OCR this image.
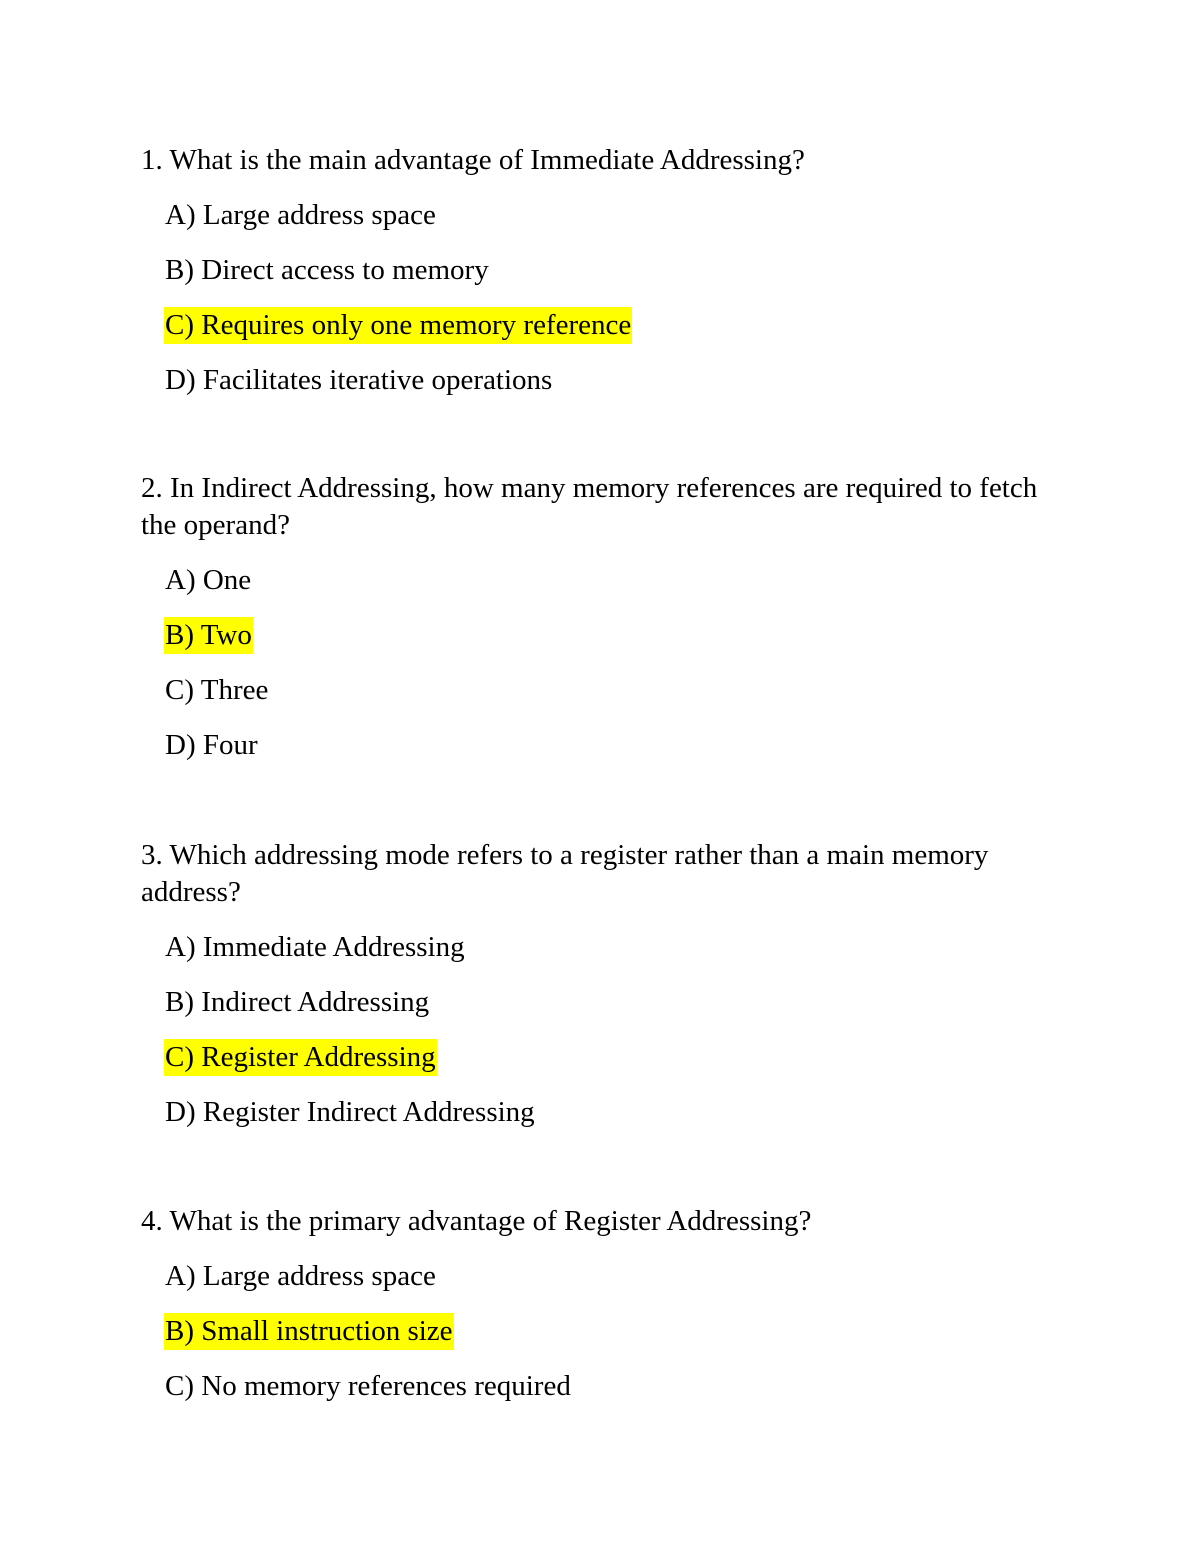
1. What is the main advantage of Immediate Addressing?

A) Large address space
B) Direct access to memory
C) Requires only one memory reference
D) Facilitates iterative operations

2. In Indirect Addressing, how many memory references are required to fetch the operand?

A) One
B) Two
C) Three
D) Four

3. Which addressing mode refers to a register rather than a main memory address?

A) Immediate Addressing
B) Indirect Addressing
C) Register Addressing
D) Register Indirect Addressing

4. What is the primary advantage of Register Addressing?

A) Large address space
B) Small instruction size
C) No memory references required
